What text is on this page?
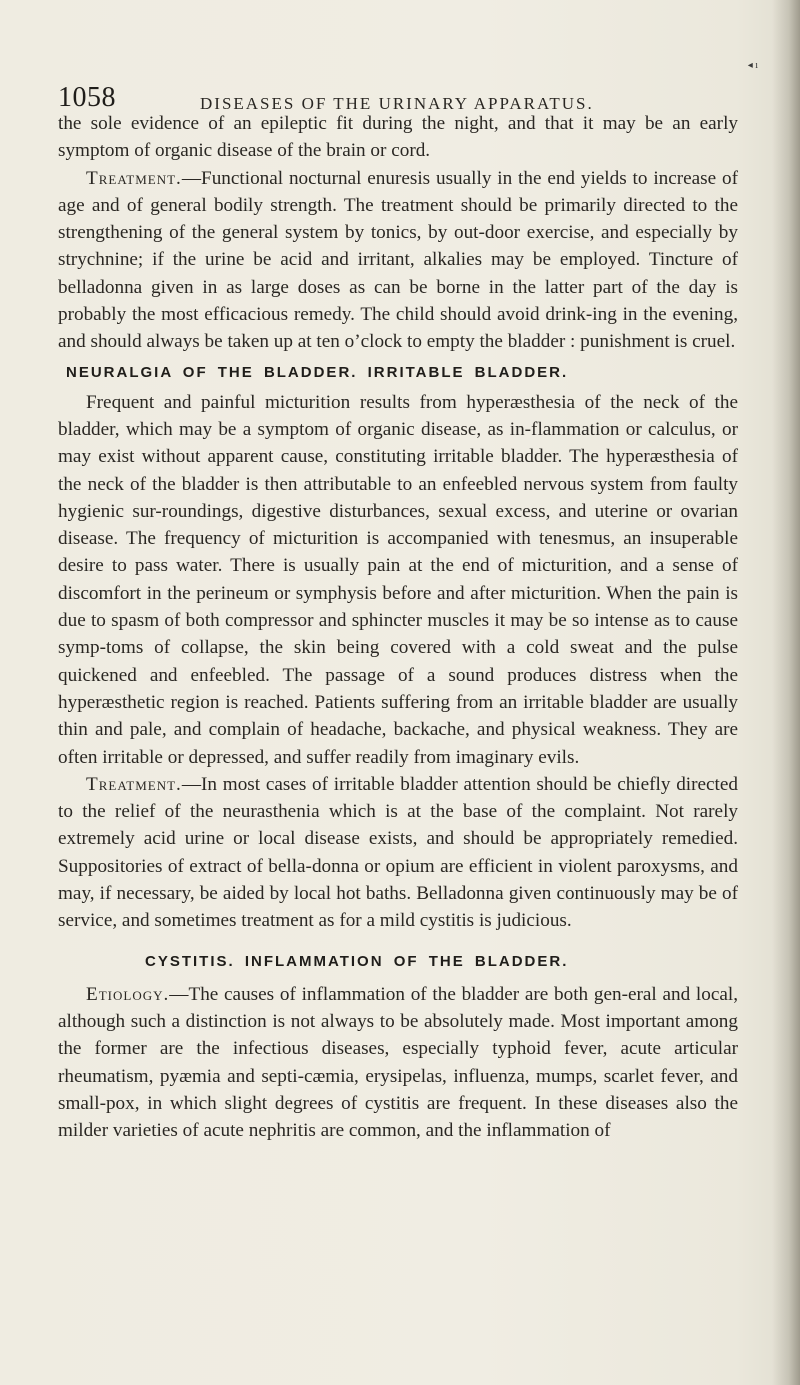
◂ ı
1058	DISEASES OF THE URINARY APPARATUS.

the sole evidence of an epileptic fit during the night, and that it may be an early symptom of organic disease of the brain or cord.

Treatment.—Functional nocturnal enuresis usually in the end yields to increase of age and of general bodily strength. The treatment should be primarily directed to the strengthening of the general system by tonics, by out-door exercise, and especially by strychnine; if the urine be acid and irritant, alkalies may be employed. Tincture of belladonna given in as large doses as can be borne in the latter part of the day is probably the most efficacious remedy. The child should avoid drink-ing in the evening, and should always be taken up at ten o’clock to empty the bladder : punishment is cruel.

NEURALGIA OF THE BLADDER. IRRITABLE BLADDER.

Frequent and painful micturition results from hyperæsthesia of the neck of the bladder, which may be a symptom of organic disease, as in-flammation or calculus, or may exist without apparent cause, constituting irritable bladder. The hyperæsthesia of the neck of the bladder is then attributable to an enfeebled nervous system from faulty hygienic sur-roundings, digestive disturbances, sexual excess, and uterine or ovarian disease. The frequency of micturition is accompanied with tenesmus, an insuperable desire to pass water. There is usually pain at the end of micturition, and a sense of discomfort in the perineum or symphysis before and after micturition. When the pain is due to spasm of both compressor and sphincter muscles it may be so intense as to cause symp-toms of collapse, the skin being covered with a cold sweat and the pulse quickened and enfeebled. The passage of a sound produces distress when the hyperæsthetic region is reached. Patients suffering from an irritable bladder are usually thin and pale, and complain of headache, backache, and physical weakness. They are often irritable or depressed, and suffer readily from imaginary evils.

Treatment.—In most cases of irritable bladder attention should be chiefly directed to the relief of the neurasthenia which is at the base of the complaint. Not rarely extremely acid urine or local disease exists, and should be appropriately remedied. Suppositories of extract of bella-donna or opium are efficient in violent paroxysms, and may, if necessary, be aided by local hot baths. Belladonna given continuously may be of service, and sometimes treatment as for a mild cystitis is judicious.

CYSTITIS. INFLAMMATION OF THE BLADDER.

Etiology.—The causes of inflammation of the bladder are both gen-eral and local, although such a distinction is not always to be absolutely made. Most important among the former are the infectious diseases, especially typhoid fever, acute articular rheumatism, pyæmia and septi-cæmia, erysipelas, influenza, mumps, scarlet fever, and small-pox, in which slight degrees of cystitis are frequent. In these diseases also the milder varieties of acute nephritis are common, and the inflammation of
